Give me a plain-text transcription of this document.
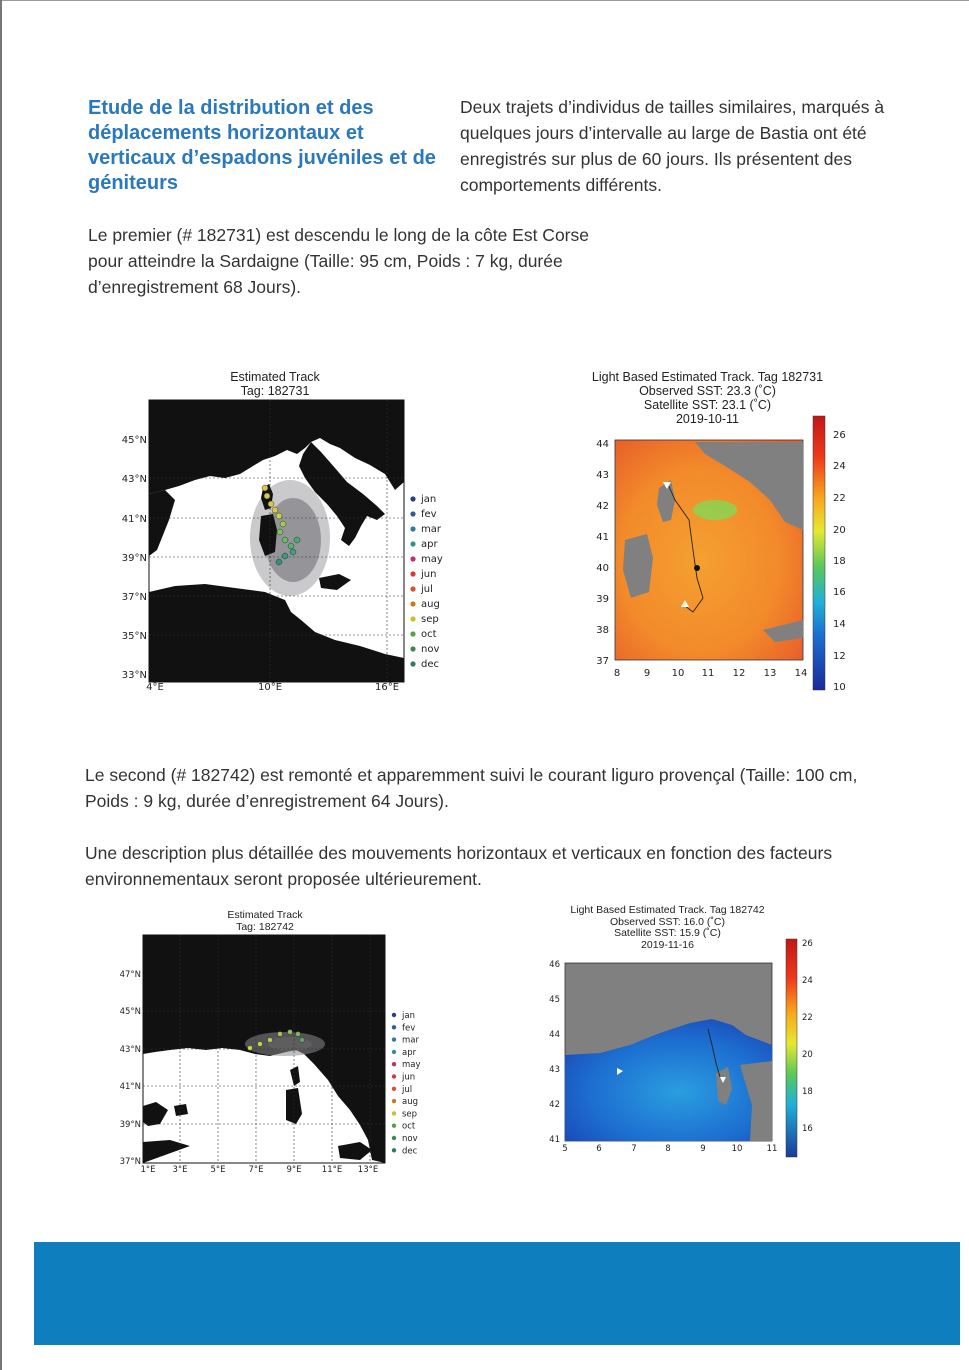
Etude de la distribution et des déplacements horizontaux et verticaux d’espadons juvéniles et de géniteurs
Deux trajets d’individus de tailles similaires, marqués à quelques jours d’intervalle au large de Bastia ont été enregistrés sur plus de 60 jours. Ils présentent des comportements différents.
Le premier (# 182731) est descendu le long de la côte Est Corse pour atteindre la Sardaigne (Taille: 95 cm, Poids : 7 kg, durée d’enregistrement 68 Jours).
Estimated Track
Tag: 182731
45°N
43°N
41°N
39°N
37°N
35°N
33°N
4°E	10°E	16°E
jan
fev
mar
apr
may
jun
jul
aug
sep
oct
nov
dec
Light Based Estimated Track. Tag 182731
Observed SST: 23.3 (˚C)
Satellite SST: 23.1 (˚C)
2019-10-11
44
43
42
41
40
39
38
37
8 9 10 11 12 13 14
26
24
22
20
18
16
14
12
10
Le second (# 182742) est remonté et apparemment suivi le courant liguro provençal (Taille: 100 cm, Poids : 9 kg, durée d’enregistrement 64 Jours).
Une description plus détaillée des mouvements horizontaux et verticaux en fonction des facteurs environnementaux seront proposée ultérieurement.
Estimated Track
Tag: 182742
47°N
45°N
43°N
41°N
39°N
37°N
1°E 3°E	5°E	7°E	9°E 11°E 13°E
jan
fev
mar
apr
may
jun
jul
aug
sep
oct
nov
dec
Light Based Estimated Track. Tag 182742
Observed SST: 16.0 (˚C)
Satellite SST: 15.9 (˚C)
2019-11-16
46
45
44
43
42
41
5	6	7	8	9	10	11
26
24
22
20
18
16
